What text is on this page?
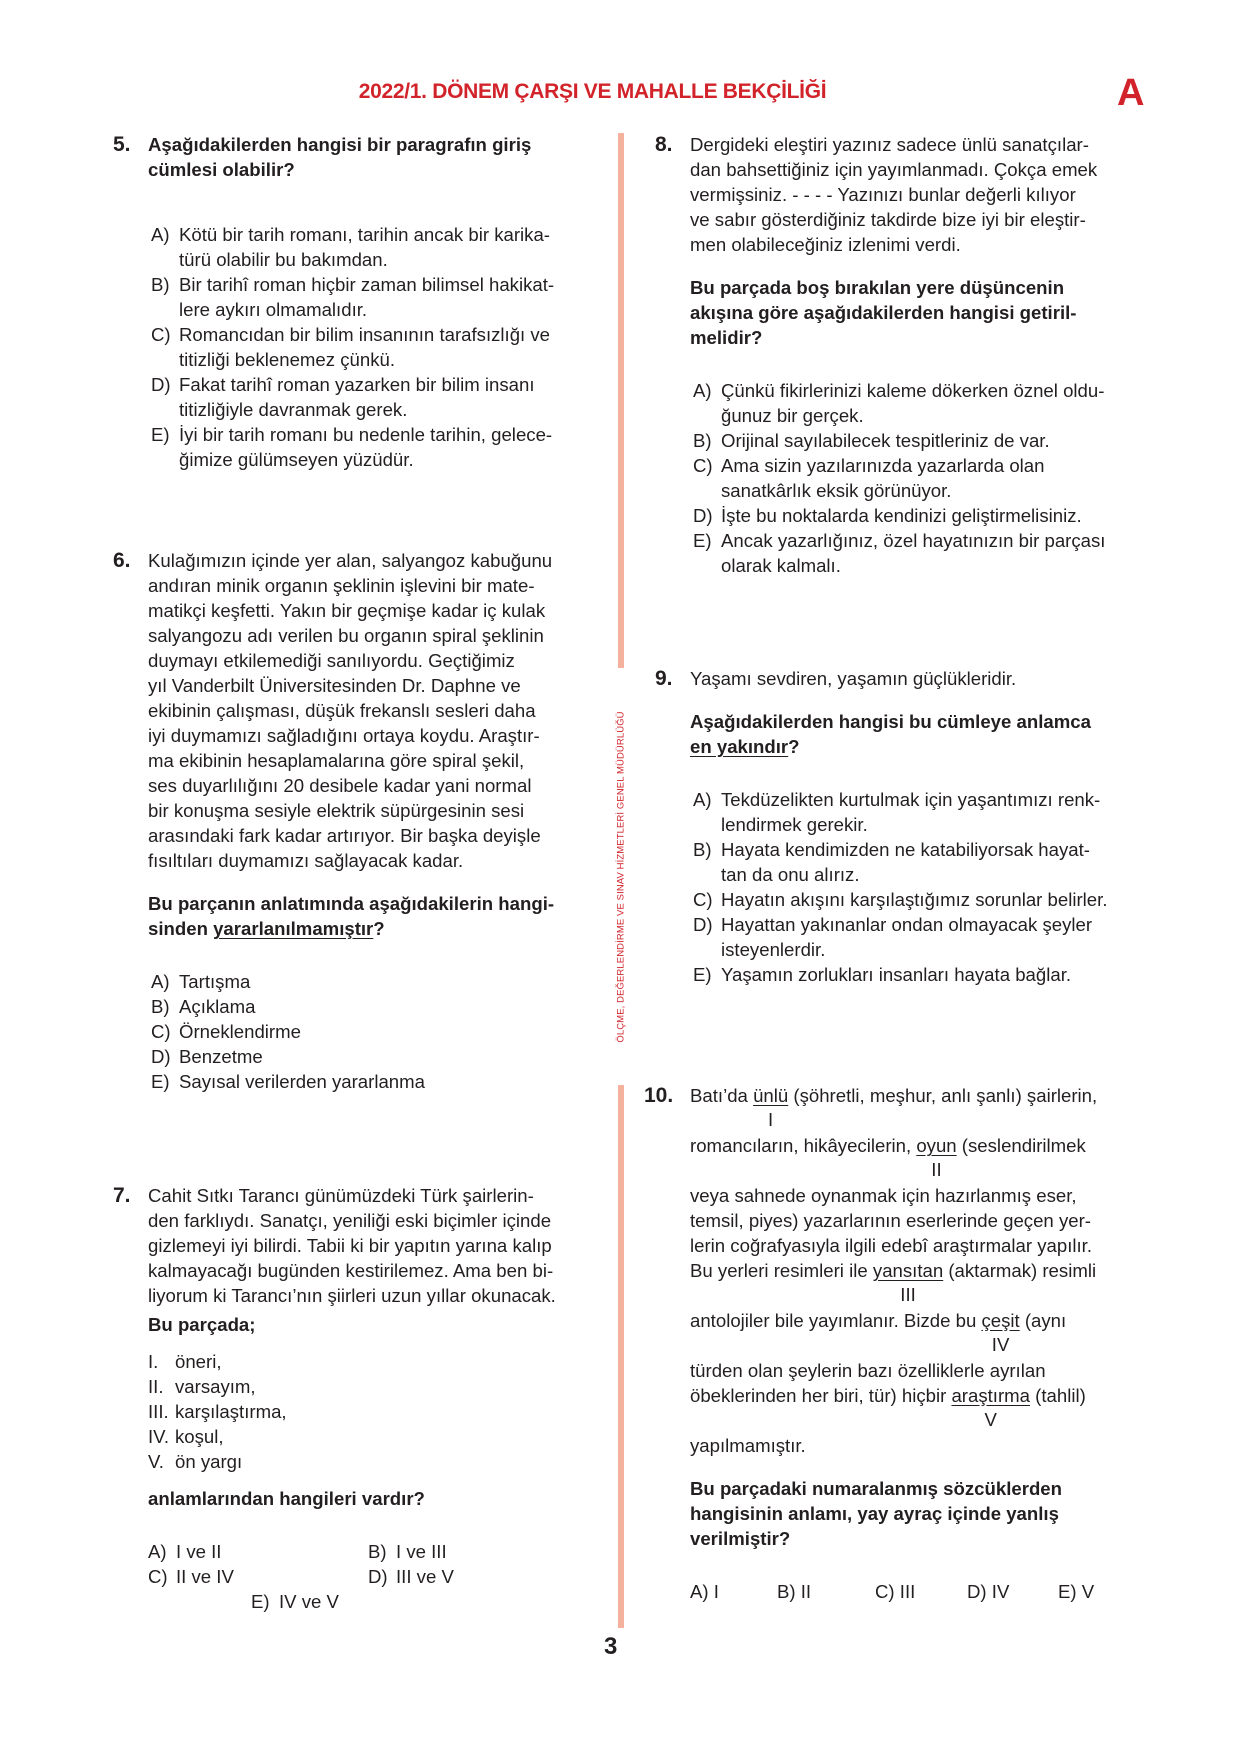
2022/1. DÖNEM ÇARŞI VE MAHALLE BEKÇİLİĞİ	A
ÖLÇME, DEĞERLENDİRME VE SINAV HİZMETLERİ GENEL MÜDÜRLÜĞÜ
3
5. Aşağıdakilerden hangisi bir paragrafın giriş
cümlesi olabilir?

A) Kötü bir tarih romanı, tarihin ancak bir karika-
türü olabilir bu bakımdan.
B) Bir tarihî roman hiçbir zaman bilimsel hakikat-
lere aykırı olmamalıdır.
C) Romancıdan bir bilim insanının tarafsızlığı ve
titizliği beklenemez çünkü.
D) Fakat tarihî roman yazarken bir bilim insanı
titizliğiyle davranmak gerek.
E) İyi bir tarih romanı bu nedenle tarihin, gelece-
ğimize gülümseyen yüzüdür.
6. Kulağımızın içinde yer alan, salyangoz kabuğunu
andıran minik organın şeklinin işlevini bir mate-
matikçi keşfetti. Yakın bir geçmişe kadar iç kulak
salyangozu adı verilen bu organın spiral şeklinin
duymayı etkilemediği sanılıyordu. Geçtiğimiz
yıl Vanderbilt Üniversitesinden Dr. Daphne ve
ekibinin çalışması, düşük frekanslı sesleri daha
iyi duymamızı sağladığını ortaya koydu. Araştır-
ma ekibinin hesaplamalarına göre spiral şekil,
ses duyarlılığını 20 desibele kadar yani normal
bir konuşma sesiyle elektrik süpürgesinin sesi
arasındaki fark kadar artırıyor. Bir başka deyişle
fısıltıları duymamızı sağlayacak kadar.

Bu parçanın anlatımında aşağıdakilerin hangi-
sinden yararlanılmamıştır?

A) Tartışma
B) Açıklama
C) Örneklendirme
D) Benzetme
E) Sayısal verilerden yararlanma
7. Cahit Sıtkı Tarancı günümüzdeki Türk şairlerin-
den farklıydı. Sanatçı, yeniliği eski biçimler içinde
gizlemeyi iyi bilirdi. Tabii ki bir yapıtın yarına kalıp
kalmayacağı bugünden kestirilemez. Ama ben bi-
liyorum ki Tarancı’nın şiirleri uzun yıllar okunacak.

Bu parçada;

I. öneri,
II. varsayım,
III. karşılaştırma,
IV. koşul,
V. ön yargı

anlamlarından hangileri vardır?

A) I ve II	B) I ve III
C) II ve IV	D) III ve V
E) IV ve V
8. Dergideki eleştiri yazınız sadece ünlü sanatçılar-
dan bahsettiğiniz için yayımlanmadı. Çokça emek
vermişsiniz. - - - - Yazınızı bunlar değerli kılıyor
ve sabır gösterdiğiniz takdirde bize iyi bir eleştir-
men olabileceğiniz izlenimi verdi.

Bu parçada boş bırakılan yere düşüncenin
akışına göre aşağıdakilerden hangisi getiril-
melidir?

A) Çünkü fikirlerinizi kaleme dökerken öznel oldu-
ğunuz bir gerçek.
B) Orijinal sayılabilecek tespitleriniz de var.
C) Ama sizin yazılarınızda yazarlarda olan
sanatkârlık eksik görünüyor.
D) İşte bu noktalarda kendinizi geliştirmelisiniz.
E) Ancak yazarlığınız, özel hayatınızın bir parçası
olarak kalmalı.
9. Yaşamı sevdiren, yaşamın güçlükleridir.

Aşağıdakilerden hangisi bu cümleye anlamca
en yakındır?

A) Tekdüzelikten kurtulmak için yaşantımızı renk-
lendirmek gerekir.
B) Hayata kendimizden ne katabiliyorsak hayat-
tan da onu alırız.
C) Hayatın akışını karşılaştığımız sorunlar belirler.
D) Hayattan yakınanlar ondan olmayacak şeyler
isteyenlerdir.
E) Yaşamın zorlukları insanları hayata bağlar.
10. Batı’da ünlü
I
(şöhretli, meşhur, anlı şanlı) şairlerin,
romancıların, hikâyecilerin, oyun
II
(seslendirilmek
veya sahnede oynanmak için hazırlanmış eser,
temsil, piyes) yazarlarının eserlerinde geçen yer-
lerin coğrafyasıyla ilgili edebî araştırmalar yapılır.
Bu yerleri resimleri ile yansıtan
III
(aktarmak) resimli
antolojiler bile yayımlanır. Bizde bu çeşit
IV
(aynı
türden olan şeylerin bazı özelliklerle ayrılan
öbeklerinden her biri, tür) hiçbir araştırma
V
(tahlil)
yapılmamıştır.

Bu parçadaki numaralanmış sözcüklerden
hangisinin anlamı, yay ayraç içinde yanlış
verilmiştir?

A) I	B) II	C) III	D) IV	E) V
